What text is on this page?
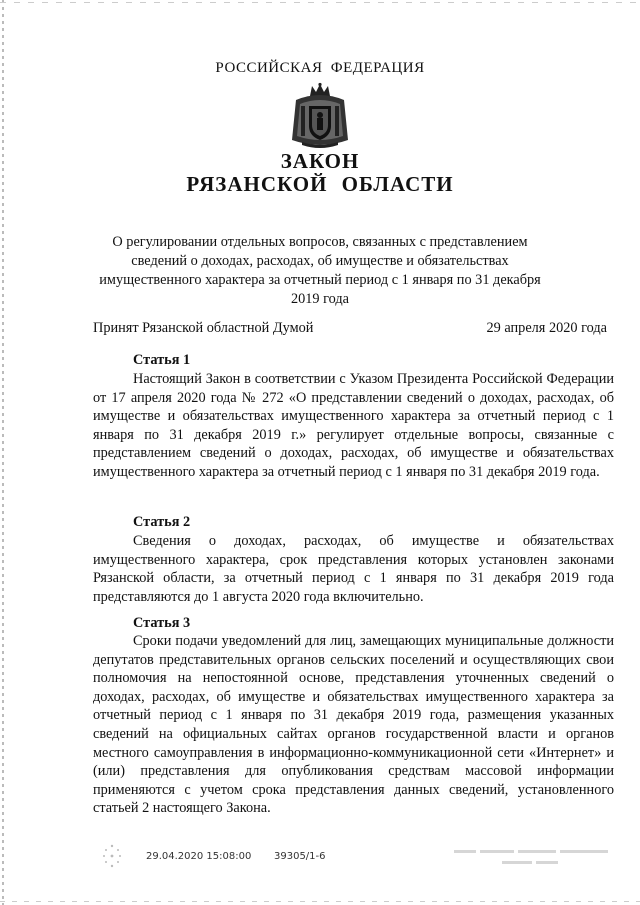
РОССИЙСКАЯ ФЕДЕРАЦИЯ
ЗАКОН
РЯЗАНСКОЙ ОБЛАСТИ
О регулировании отдельных вопросов, связанных с представлением сведений о доходах, расходах, об имуществе и обязательствах имущественного характера за отчетный период с 1 января по 31 декабря 2019 года
Принят Рязанской областной Думой	29 апреля 2020 года
Статья 1
Настоящий Закон в соответствии с Указом Президента Российской Федерации от 17 апреля 2020 года № 272 «О представлении сведений о доходах, расходах, об имуществе и обязательствах имущественного характера за отчетный период с 1 января по 31 декабря 2019 г.» регулирует отдельные вопросы, связанные с представлением сведений о доходах, расходах, об имуществе и обязательствах имущественного характера за отчетный период с 1 января по 31 декабря 2019 года.
Статья 2
Сведения о доходах, расходах, об имуществе и обязательствах имущественного характера, срок представления которых установлен законами Рязанской области, за отчетный период с 1 января по 31 декабря 2019 года представляются до 1 августа 2020 года включительно.
Статья 3
Сроки подачи уведомлений для лиц, замещающих муниципальные должности депутатов представительных органов сельских поселений и осуществляющих свои полномочия на непостоянной основе, представления уточненных сведений о доходах, расходах, об имуществе и обязательствах имущественного характера за отчетный период с 1 января по 31 декабря 2019 года, размещения указанных сведений на официальных сайтах органов государственной власти и органов местного самоуправления в информационно-коммуникационной сети «Интернет» и (или) представления для опубликования средствам массовой информации применяются с учетом срока представления данных сведений, установленного статьей 2 настоящего Закона.
29.04.2020 15:08:00 39305/1-6
